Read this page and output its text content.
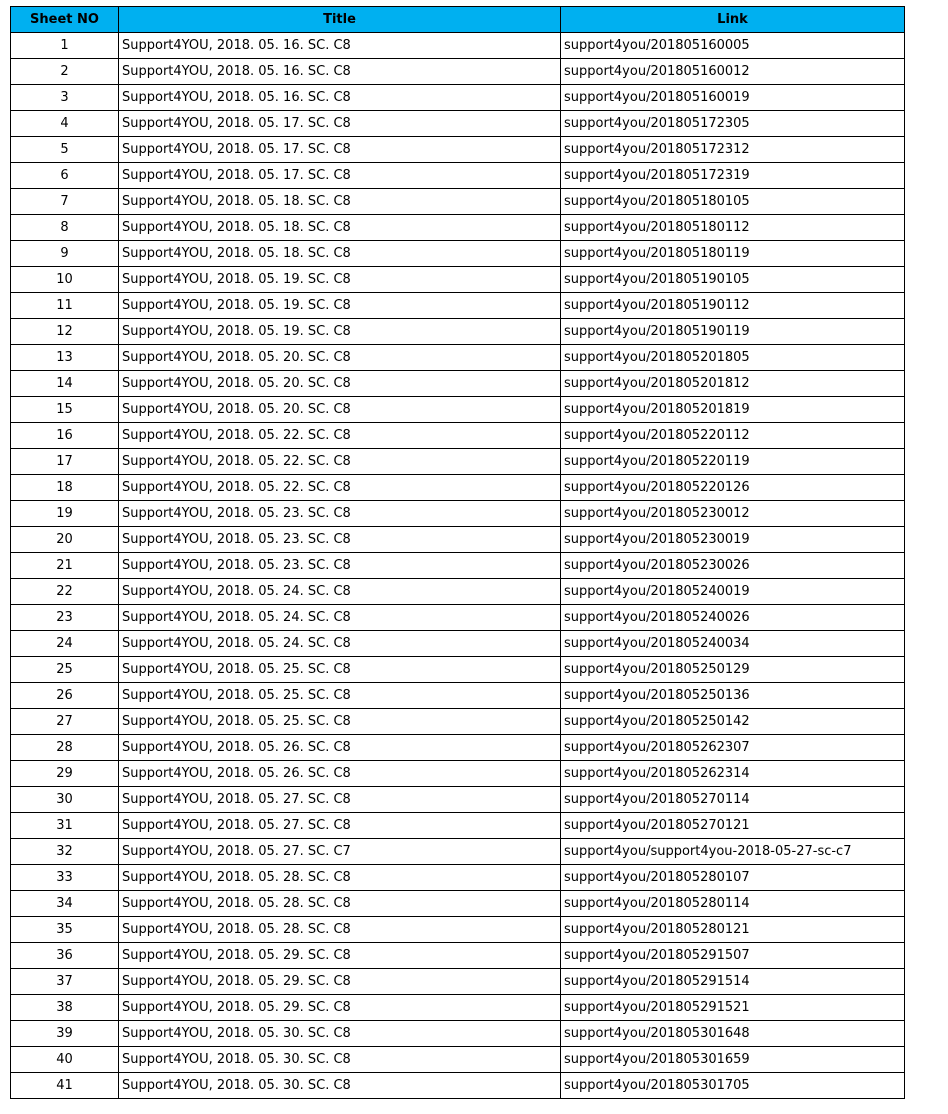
Sheet NO	Title	Link
1	Support4YOU, 2018. 05. 16. SC. C8	support4you/201805160005
2	Support4YOU, 2018. 05. 16. SC. C8	support4you/201805160012
3	Support4YOU, 2018. 05. 16. SC. C8	support4you/201805160019
4	Support4YOU, 2018. 05. 17. SC. C8	support4you/201805172305
5	Support4YOU, 2018. 05. 17. SC. C8	support4you/201805172312
6	Support4YOU, 2018. 05. 17. SC. C8	support4you/201805172319
7	Support4YOU, 2018. 05. 18. SC. C8	support4you/201805180105
8	Support4YOU, 2018. 05. 18. SC. C8	support4you/201805180112
9	Support4YOU, 2018. 05. 18. SC. C8	support4you/201805180119
10	Support4YOU, 2018. 05. 19. SC. C8	support4you/201805190105
11	Support4YOU, 2018. 05. 19. SC. C8	support4you/201805190112
12	Support4YOU, 2018. 05. 19. SC. C8	support4you/201805190119
13	Support4YOU, 2018. 05. 20. SC. C8	support4you/201805201805
14	Support4YOU, 2018. 05. 20. SC. C8	support4you/201805201812
15	Support4YOU, 2018. 05. 20. SC. C8	support4you/201805201819
16	Support4YOU, 2018. 05. 22. SC. C8	support4you/201805220112
17	Support4YOU, 2018. 05. 22. SC. C8	support4you/201805220119
18	Support4YOU, 2018. 05. 22. SC. C8	support4you/201805220126
19	Support4YOU, 2018. 05. 23. SC. C8	support4you/201805230012
20	Support4YOU, 2018. 05. 23. SC. C8	support4you/201805230019
21	Support4YOU, 2018. 05. 23. SC. C8	support4you/201805230026
22	Support4YOU, 2018. 05. 24. SC. C8	support4you/201805240019
23	Support4YOU, 2018. 05. 24. SC. C8	support4you/201805240026
24	Support4YOU, 2018. 05. 24. SC. C8	support4you/201805240034
25	Support4YOU, 2018. 05. 25. SC. C8	support4you/201805250129
26	Support4YOU, 2018. 05. 25. SC. C8	support4you/201805250136
27	Support4YOU, 2018. 05. 25. SC. C8	support4you/201805250142
28	Support4YOU, 2018. 05. 26. SC. C8	support4you/201805262307
29	Support4YOU, 2018. 05. 26. SC. C8	support4you/201805262314
30	Support4YOU, 2018. 05. 27. SC. C8	support4you/201805270114
31	Support4YOU, 2018. 05. 27. SC. C8	support4you/201805270121
32	Support4YOU, 2018. 05. 27. SC. C7	support4you/support4you-2018-05-27-sc-c7
33	Support4YOU, 2018. 05. 28. SC. C8	support4you/201805280107
34	Support4YOU, 2018. 05. 28. SC. C8	support4you/201805280114
35	Support4YOU, 2018. 05. 28. SC. C8	support4you/201805280121
36	Support4YOU, 2018. 05. 29. SC. C8	support4you/201805291507
37	Support4YOU, 2018. 05. 29. SC. C8	support4you/201805291514
38	Support4YOU, 2018. 05. 29. SC. C8	support4you/201805291521
39	Support4YOU, 2018. 05. 30. SC. C8	support4you/201805301648
40	Support4YOU, 2018. 05. 30. SC. C8	support4you/201805301659
41	Support4YOU, 2018. 05. 30. SC. C8	support4you/201805301705
